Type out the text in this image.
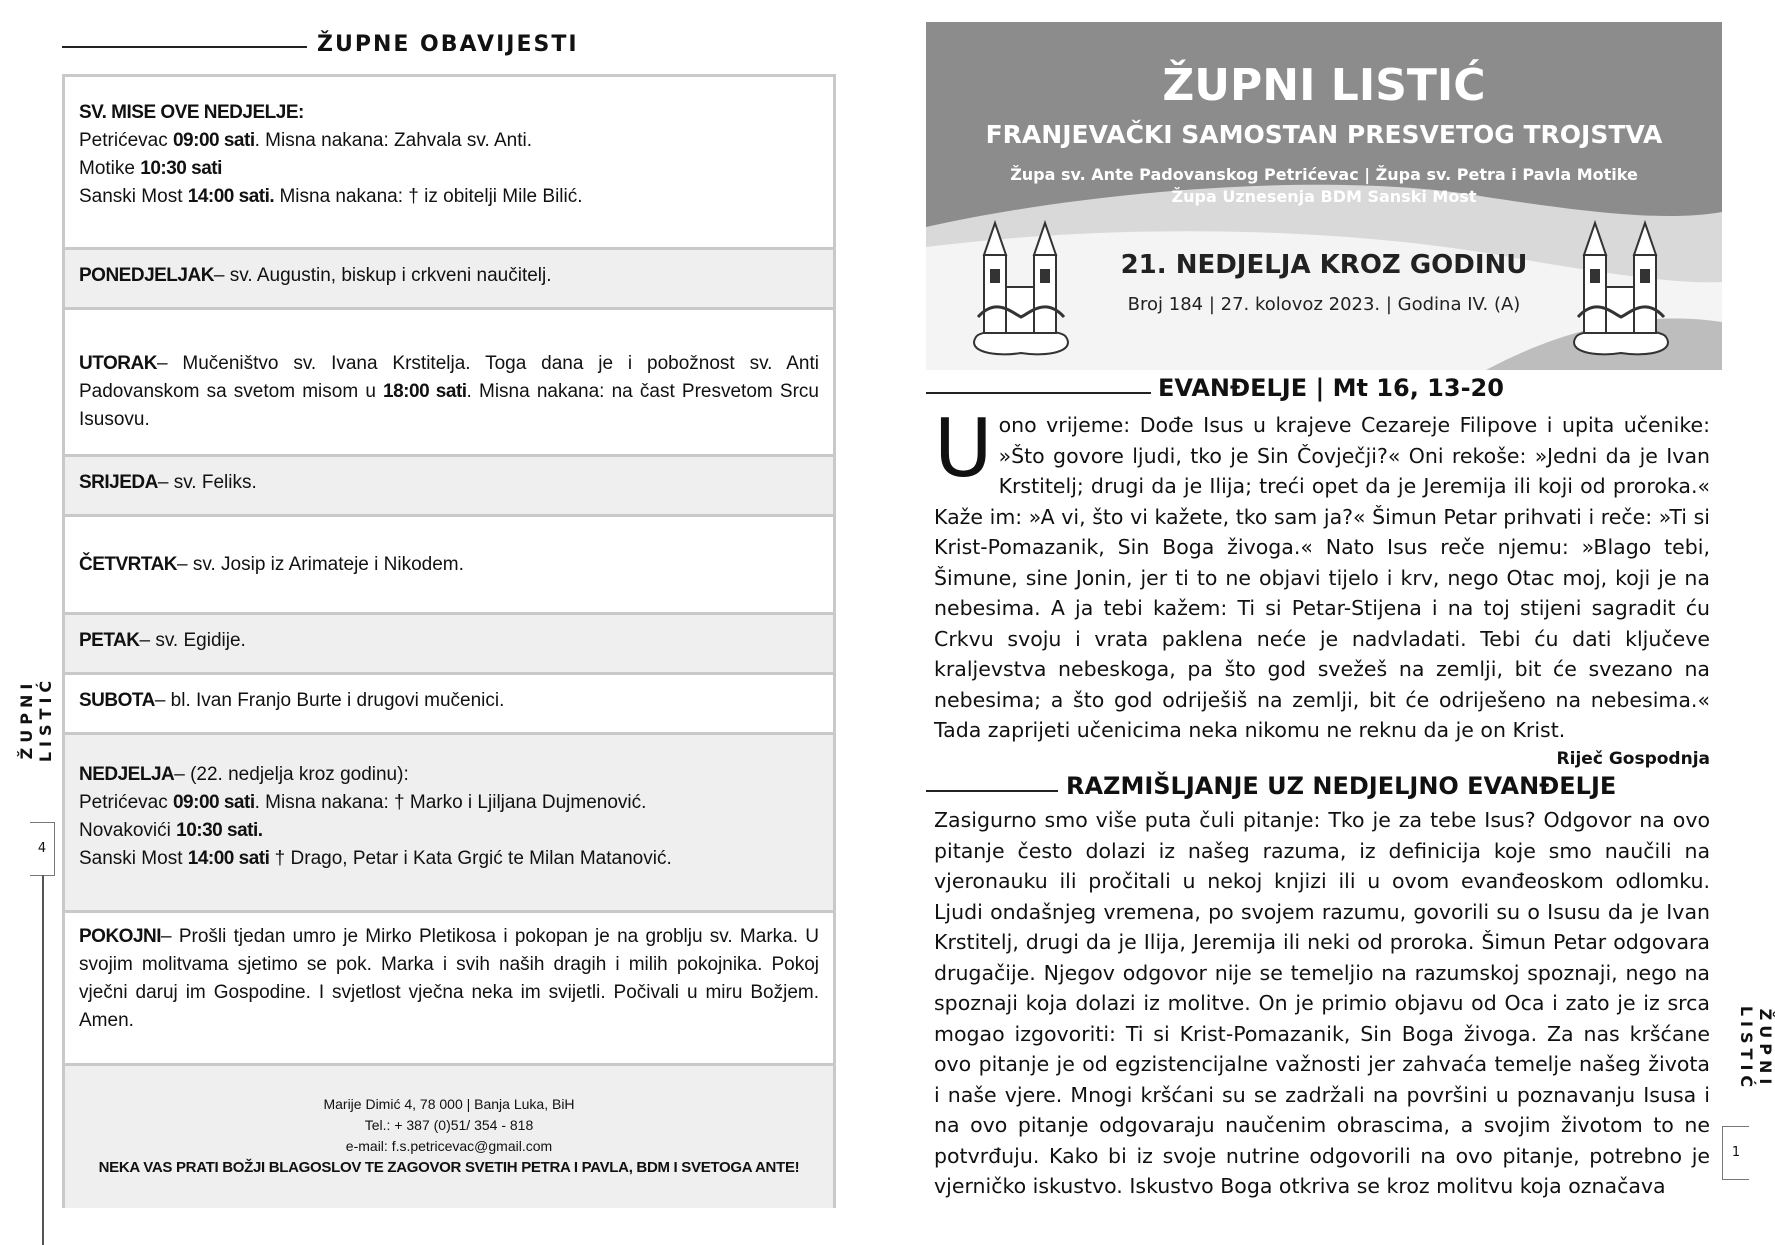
ŽUPNE OBAVIJESTI
SV. MISE OVE NEDJELJE:
Petrićevac 09:00 sati. Misna nakana: Zahvala sv. Anti.
Motike 10:30 sati
Sanski Most 14:00 sati. Misna nakana: † iz obitelji Mile Bilić.
PONEDJELJAK– sv. Augustin, biskup i crkveni naučitelj.
UTORAK– Mučeništvo sv. Ivana Krstitelja. Toga dana je i pobožnost sv. Anti Padovanskom sa svetom misom u 18:00 sati. Misna nakana: na čast Presvetom Srcu Isusovu.
SRIJEDA– sv. Feliks.
ČETVRTAK– sv. Josip iz Arimateje i Nikodem.
PETAK– sv. Egidije.
SUBOTA– bl. Ivan Franjo Burte i drugovi mučenici.
NEDJELJA– (22. nedjelja kroz godinu):
Petrićevac 09:00 sati. Misna nakana: † Marko i Ljiljana Dujmenović.
Novakovići 10:30 sati.
Sanski Most 14:00 sati † Drago, Petar i Kata Grgić te Milan Matanović.
POKOJNI– Prošli tjedan umro je Mirko Pletikosa i pokopan je na groblju sv. Marka. U svojim molitvama sjetimo se pok. Marka i svih naših dragih i milih pokojnika. Pokoj vječni daruj im Gospodine. I svjetlost vječna neka im svijetli. Počivali u miru Božjem. Amen.
Marije Dimić 4, 78 000 | Banja Luka, BiH
Tel.: + 387 (0)51/ 354 - 818
e-mail: f.s.petricevac@gmail.com
NEKA VAS PRATI BOŽJI BLAGOSLOV TE ZAGOVOR SVETIH PETRA I PAVLA, BDM I SVETOGA ANTE!
ŽUPNI LISTIĆ
4
ŽUPNI LISTIĆ
FRANJEVAČKI SAMOSTAN PRESVETOG TROJSTVA
Župa sv. Ante Padovanskog Petrićevac | Župa sv. Petra i Pavla Motike
Župa Uznesenja BDM Sanski Most
21. NEDJELJA KROZ GODINU
Broj 184 | 27. kolovoz 2023. | Godina IV. (A)
EVANĐELJE | Mt 16, 13-20
Uono vrijeme: Dođe Isus u krajeve Cezareje Filipove i upita učenike: »Što govore ljudi, tko je Sin Čovječji?« Oni rekoše: »Jedni da je Ivan Krstitelj; drugi da je Ilija; treći opet da je Jeremija ili koji od proroka.« Kaže im: »A vi, što vi kažete, tko sam ja?« Šimun Petar prihvati i reče: »Ti si Krist-Pomazanik, Sin Boga živoga.« Nato Isus reče njemu: »Blago tebi, Šimune, sine Jonin, jer ti to ne objavi tijelo i krv, nego Otac moj, koji je na nebesima. A ja tebi kažem: Ti si Petar-Stijena i na toj stijeni sagradit ću Crkvu svoju i vrata paklena neće je nadvladati. Tebi ću dati ključeve kraljevstva nebeskoga, pa što god svežeš na zemlji, bit će svezano na nebesima; a što god odriješiš na zemlji, bit će odriješeno na nebesima.« Tada zaprijeti učenicima neka nikomu ne reknu da je on Krist.
Riječ Gospodnja
RAZMIŠLJANJE UZ NEDJELJNO EVANĐELJE
Zasigurno smo više puta čuli pitanje: Tko je za tebe Isus? Odgovor na ovo pitanje često dolazi iz našeg razuma, iz definicija koje smo naučili na vjeronauku ili pročitali u nekoj knjizi ili u ovom evanđeoskom odlomku. Ljudi ondašnjeg vremena, po svojem razumu, govorili su o Isusu da je Ivan Krstitelj, drugi da je Ilija, Jeremija ili neki od proroka. Šimun Petar odgovara drugačije. Njegov odgovor nije se temeljio na razumskoj spoznaji, nego na spoznaji koja dolazi iz molitve. On je primio objavu od Oca i zato je iz srca mogao izgovoriti: Ti si Krist-Pomazanik, Sin Boga živoga. Za nas kršćane ovo pitanje je od egzistencijalne važnosti jer zahvaća temelje našeg života i naše vjere. Mnogi kršćani su se zadržali na površini u poznavanju Isusa i na ovo pitanje odgovaraju naučenim obrascima, a svojim životom to ne potvrđuju. Kako bi iz svoje nutrine odgovorili na ovo pitanje, potrebno je vjerničko iskustvo. Iskustvo Boga otkriva se kroz molitvu koja označava
ŽUPNI LISTIĆ
1
